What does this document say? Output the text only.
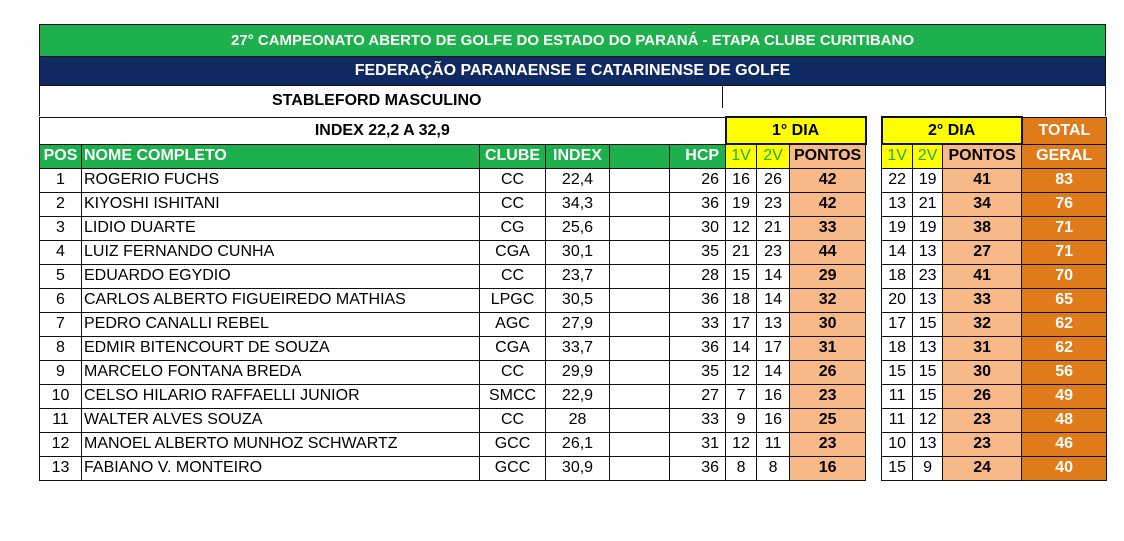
27° CAMPEONATO ABERTO DE GOLFE DO ESTADO DO PARANÁ - ETAPA CLUBE CURITIBANO
FEDERAÇÃO PARANAENSE E CATARINENSE DE GOLFE
STABLEFORD MASCULINO
INDEX 22,2 A 32,9						1° DIA				2° DIA			TOTAL
POS	NOME COMPLETO	CLUBE	INDEX		HCP	1V	2V	PONTOS		1V	2V	PONTOS	GERAL
1	ROGERIO FUCHS	CC	22,4		26	16	26	42		22	19	41	83
2	KIYOSHI ISHITANI	CC	34,3		36	19	23	42		13	21	34	76
3	LIDIO DUARTE	CG	25,6		30	12	21	33		19	19	38	71
4	LUIZ FERNANDO CUNHA	CGA	30,1		35	21	23	44		14	13	27	71
5	EDUARDO EGYDIO	CC	23,7		28	15	14	29		18	23	41	70
6	CARLOS ALBERTO FIGUEIREDO MATHIAS	LPGC	30,5		36	18	14	32		20	13	33	65
7	PEDRO CANALLI REBEL	AGC	27,9		33	17	13	30		17	15	32	62
8	EDMIR BITENCOURT DE SOUZA	CGA	33,7		36	14	17	31		18	13	31	62
9	MARCELO FONTANA BREDA	CC	29,9		35	12	14	26		15	15	30	56
10	CELSO HILARIO RAFFAELLI JUNIOR	SMCC	22,9		27	7	16	23		11	15	26	49
11	WALTER ALVES SOUZA	CC	28		33	9	16	25		11	12	23	48
12	MANOEL ALBERTO MUNHOZ SCHWARTZ	GCC	26,1		31	12	11	23		10	13	23	46
13	FABIANO V. MONTEIRO	GCC	30,9		36	8	8	16		15	9	24	40
